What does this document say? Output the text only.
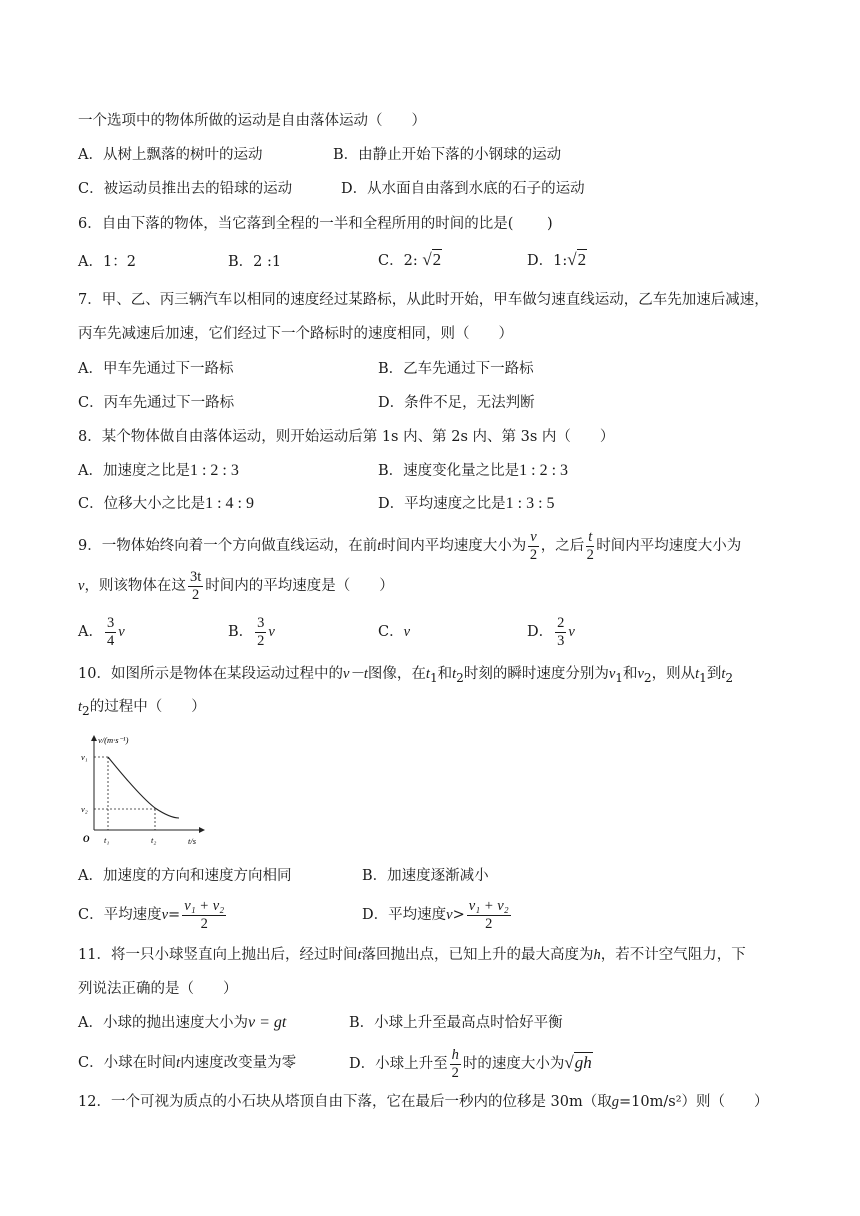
一个选项中的物体所做的运动是自由落体运动（　　）
A．从树上飘落的树叶的运动	B．由静止开始下落的小钢球的运动
C．被运动员推出去的铅球的运动	D．从水面自由落到水底的石子的运动
6．自由下落的物体，当它落到全程的一半和全程所用的时间的比是(　　 )
A．1：2	B．2 :1	C．2: √2	D．1:√2
7．甲、乙、丙三辆汽车以相同的速度经过某路标，从此时开始，甲车做匀速直线运动，乙车先加速后减速，
丙车先减速后加速，它们经过下一个路标时的速度相同，则（　　）
A．甲车先通过下一路标	B．乙车先通过下一路标
C．丙车先通过下一路标	D．条件不足，无法判断
8．某个物体做自由落体运动，则开始运动后第 1s 内、第 2s 内、第 3s 内（　　）
A．加速度之比是1 : 2 : 3	B．速度变化量之比是1 : 2 : 3
C．位移大小之比是1 : 4 : 9	D．平均速度之比是1 : 3 : 5
9．一物体始终向着一个方向做直线运动，在前t时间内平均速度大小为 $\frac{v}{2}$ ，之后 $\frac{t}{2}$ 时间内平均速度大小为
v，则该物体在这 $\frac{3t}{2}$ 时间内的平均速度是（　　）
A． $\frac{3}{4}$ v	B． $\frac{3}{2}$ v	C．v	D． $\frac{2}{3}$ v
10．如图所示是物体在某段运动过程中的v－t图像，在$t_1$和$t_2$时刻的瞬时速度分别为$v_1$和$v_2$，则从$t_1$到$t_2$
$t_2$的过程中（　　）
v/(m·s⁻¹)
t/s
O
v₁
v₂
t₁	t₂
A．加速度的方向和速度方向相同	B．加速度逐渐减小
C．平均速度$v= \frac{\text{v₁ + v₂}}{2}$	D．平均速度$v> \frac{\text{v₁ + v₂}}{2}$
11．将一只小球竖直向上抛出后，经过时间t落回抛出点，已知上升的最大高度为h，若不计空气阻力，下
列说法正确的是（　　）
A．小球的抛出速度大小为v = gt	B．小球上升至最高点时恰好平衡
C．小球在时间t内速度改变量为零	D．小球上升至 $\frac{h}{2}$ 时的速度大小为√gh
12．一个可视为质点的小石块从塔顶自由下落，它在最后一秒内的位移是 30m（取g=10m/s²）则（　　）
